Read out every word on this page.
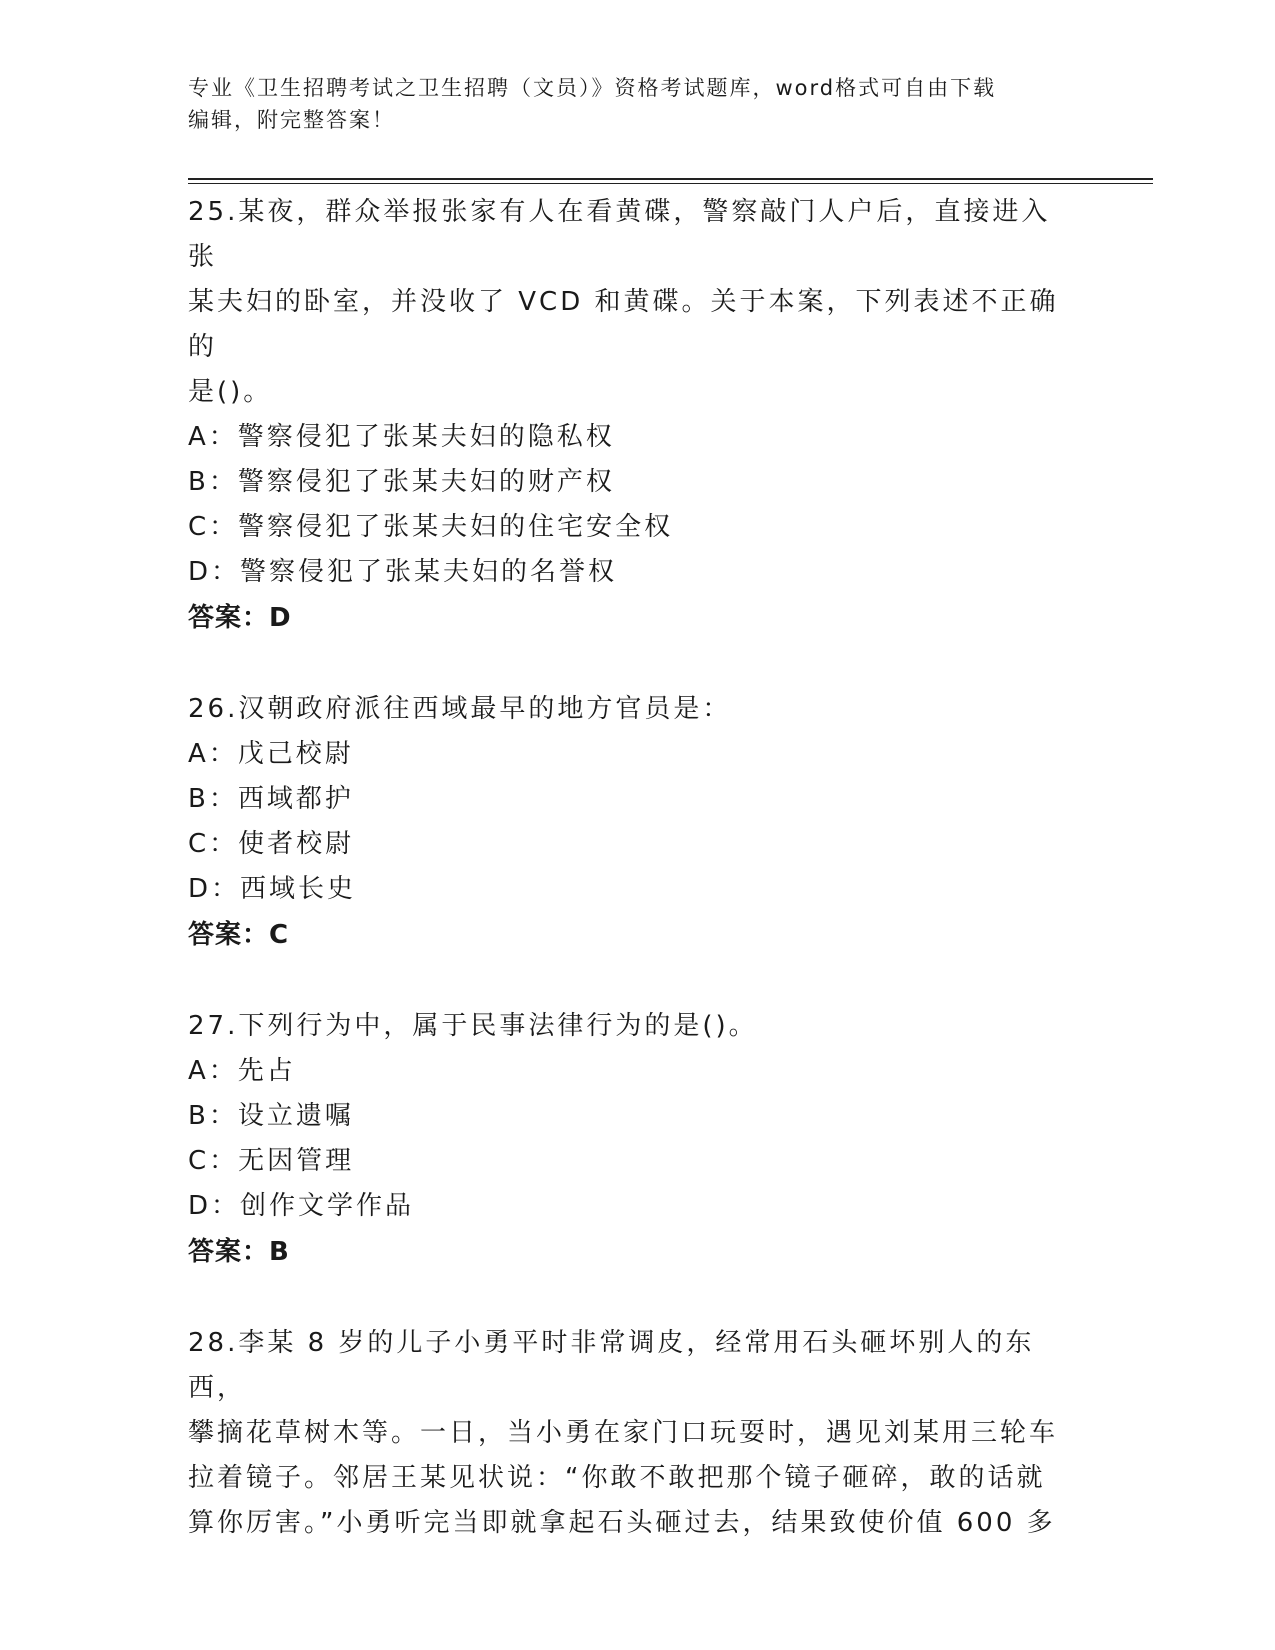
专业《卫生招聘考试之卫生招聘（文员）》资格考试题库，word格式可自由下载
编辑，附完整答案！
25.某夜，群众举报张家有人在看黄碟，警察敲门人户后，直接进入张
某夫妇的卧室，并没收了 VCD 和黄碟。关于本案，下列表述不正确的
是()。
A：警察侵犯了张某夫妇的隐私权
B：警察侵犯了张某夫妇的财产权
C：警察侵犯了张某夫妇的住宅安全权
D：警察侵犯了张某夫妇的名誉权
答案：D
26.汉朝政府派往西域最早的地方官员是：
A：戊己校尉
B：西域都护
C：使者校尉
D：西域长史
答案：C
27.下列行为中，属于民事法律行为的是()。
A：先占
B：设立遗嘱
C：无因管理
D：创作文学作品
答案：B
28.李某 8 岁的儿子小勇平时非常调皮，经常用石头砸坏别人的东西，
攀摘花草树木等。一日，当小勇在家门口玩耍时，遇见刘某用三轮车
拉着镜子。邻居王某见状说：“你敢不敢把那个镜子砸碎，敢的话就
算你厉害。”小勇听完当即就拿起石头砸过去，结果致使价值 600 多
